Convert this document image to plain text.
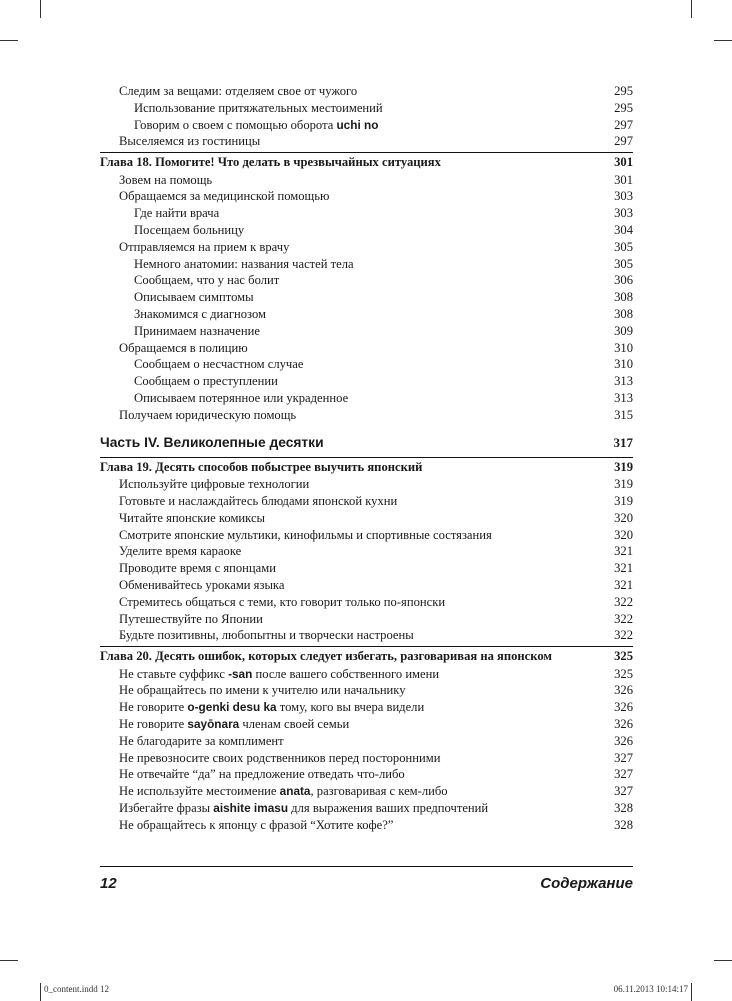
Следим за вещами: отделяем свое от чужого	295
Использование притяжательных местоимений	295
Говорим о своем с помощью оборота uchi no	297
Выселяемся из гостиницы	297
Глава 18. Помогите! Что делать в чрезвычайных ситуациях	301
Зовем на помощь	301
Обращаемся за медицинской помощью	303
Где найти врача	303
Посещаем больницу	304
Отправляемся на прием к врачу	305
Немного анатомии: названия частей тела	305
Сообщаем, что у нас болит	306
Описываем симптомы	308
Знакомимся с диагнозом	308
Принимаем назначение	309
Обращаемся в полицию	310
Сообщаем о несчастном случае	310
Сообщаем о преступлении	313
Описываем потерянное или украденное	313
Получаем юридическую помощь	315
Часть IV. Великолепные десятки	317
Глава 19. Десять способов побыстрее выучить японский	319
Используйте цифровые технологии	319
Готовьте и наслаждайтесь блюдами японской кухни	319
Читайте японские комиксы	320
Смотрите японские мультики, кинофильмы и спортивные состязания	320
Уделите время караоке	321
Проводите время с японцами	321
Обменивайтесь уроками языка	321
Стремитесь общаться с теми, кто говорит только по-японски	322
Путешествуйте по Японии	322
Будьте позитивны, любопытны и творчески настроены	322
Глава 20. Десять ошибок, которых следует избегать, разговаривая на японском	325
Не ставьте суффикс -san после вашего собственного имени	325
Не обращайтесь по имени к учителю или начальнику	326
Не говорите o-genki desu ka тому, кого вы вчера видели	326
Не говорите sayōnara членам своей семьи	326
Не благодарите за комплимент	326
Не превозносите своих родственников перед посторонними	327
Не отвечайте “да” на предложение отведать что-либо	327
Не используйте местоимение anata, разговаривая с кем-либо	327
Избегайте фразы aishite imasu для выражения ваших предпочтений	328
Не обращайтесь к японцу с фразой “Хотите кофе?”	328
12	Содержание
0_content.indd 12	06.11.2013 10:14:17
